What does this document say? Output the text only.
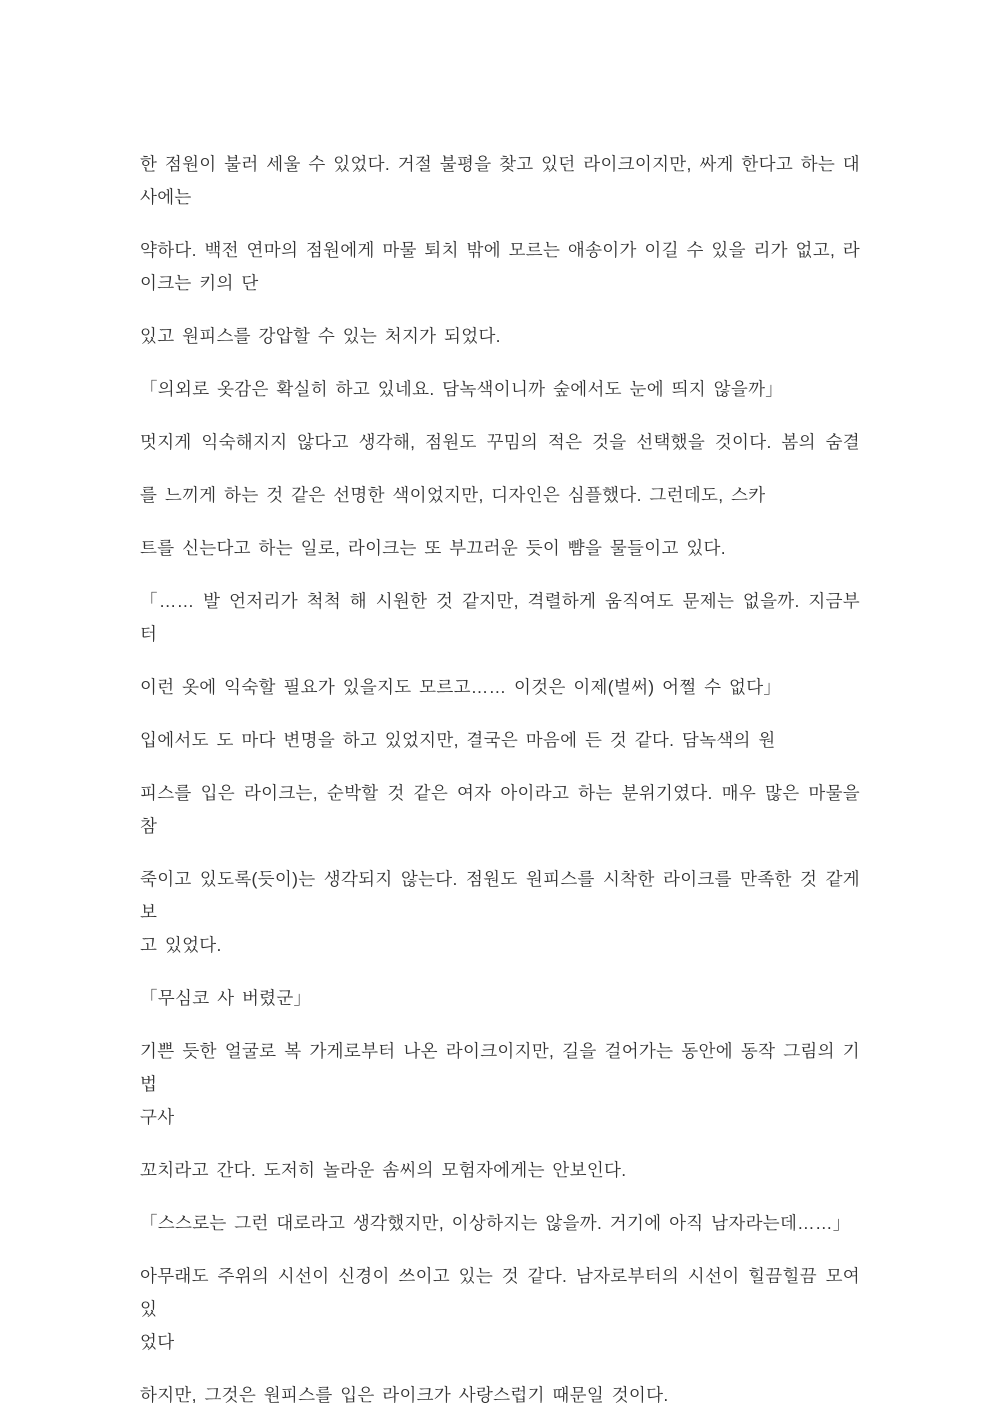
한 점원이 불러 세울 수 있었다. 거절 불평을 찾고 있던 라이크이지만, 싸게 한다고 하는 대
사에는

약하다. 백전 연마의 점원에게 마물 퇴치 밖에 모르는 애송이가 이길 수 있을 리가 없고, 라
이크는 키의 단

있고 원피스를 강압할 수 있는 처지가 되었다.

「의외로 옷감은 확실히 하고 있네요. 담녹색이니까 숲에서도 눈에 띄지 않을까」

멋지게 익숙해지지 않다고 생각해, 점원도 꾸밈의 적은 것을 선택했을 것이다. 봄의 숨결

를 느끼게 하는 것 같은 선명한 색이었지만, 디자인은 심플했다. 그런데도, 스카

트를 신는다고 하는 일로, 라이크는 또 부끄러운 듯이 뺨을 물들이고 있다.

「…… 발 언저리가 척척 해 시원한 것 같지만, 격렬하게 움직여도 문제는 없을까. 지금부터

이런 옷에 익숙할 필요가 있을지도 모르고…… 이것은 이제(벌써) 어쩔 수 없다」

입에서도 도 마다 변명을 하고 있었지만, 결국은 마음에 든 것 같다. 담녹색의 원

피스를 입은 라이크는, 순박할 것 같은 여자 아이라고 하는 분위기였다. 매우 많은 마물을 참

죽이고 있도록(듯이)는 생각되지 않는다. 점원도 원피스를 시착한 라이크를 만족한 것 같게 보
고 있었다.

「무심코 사 버렸군」

기쁜 듯한 얼굴로 복 가게로부터 나온 라이크이지만, 길을 걸어가는 동안에 동작 그림의 기법
구사

꼬치라고 간다. 도저히 놀라운 솜씨의 모험자에게는 안보인다.

「스스로는 그런 대로라고 생각했지만, 이상하지는 않을까. 거기에 아직 남자라는데……」

아무래도 주위의 시선이 신경이 쓰이고 있는 것 같다. 남자로부터의 시선이 힐끔힐끔 모여 있
었다

하지만, 그것은 원피스를 입은 라이크가 사랑스럽기 때문일 것이다.
